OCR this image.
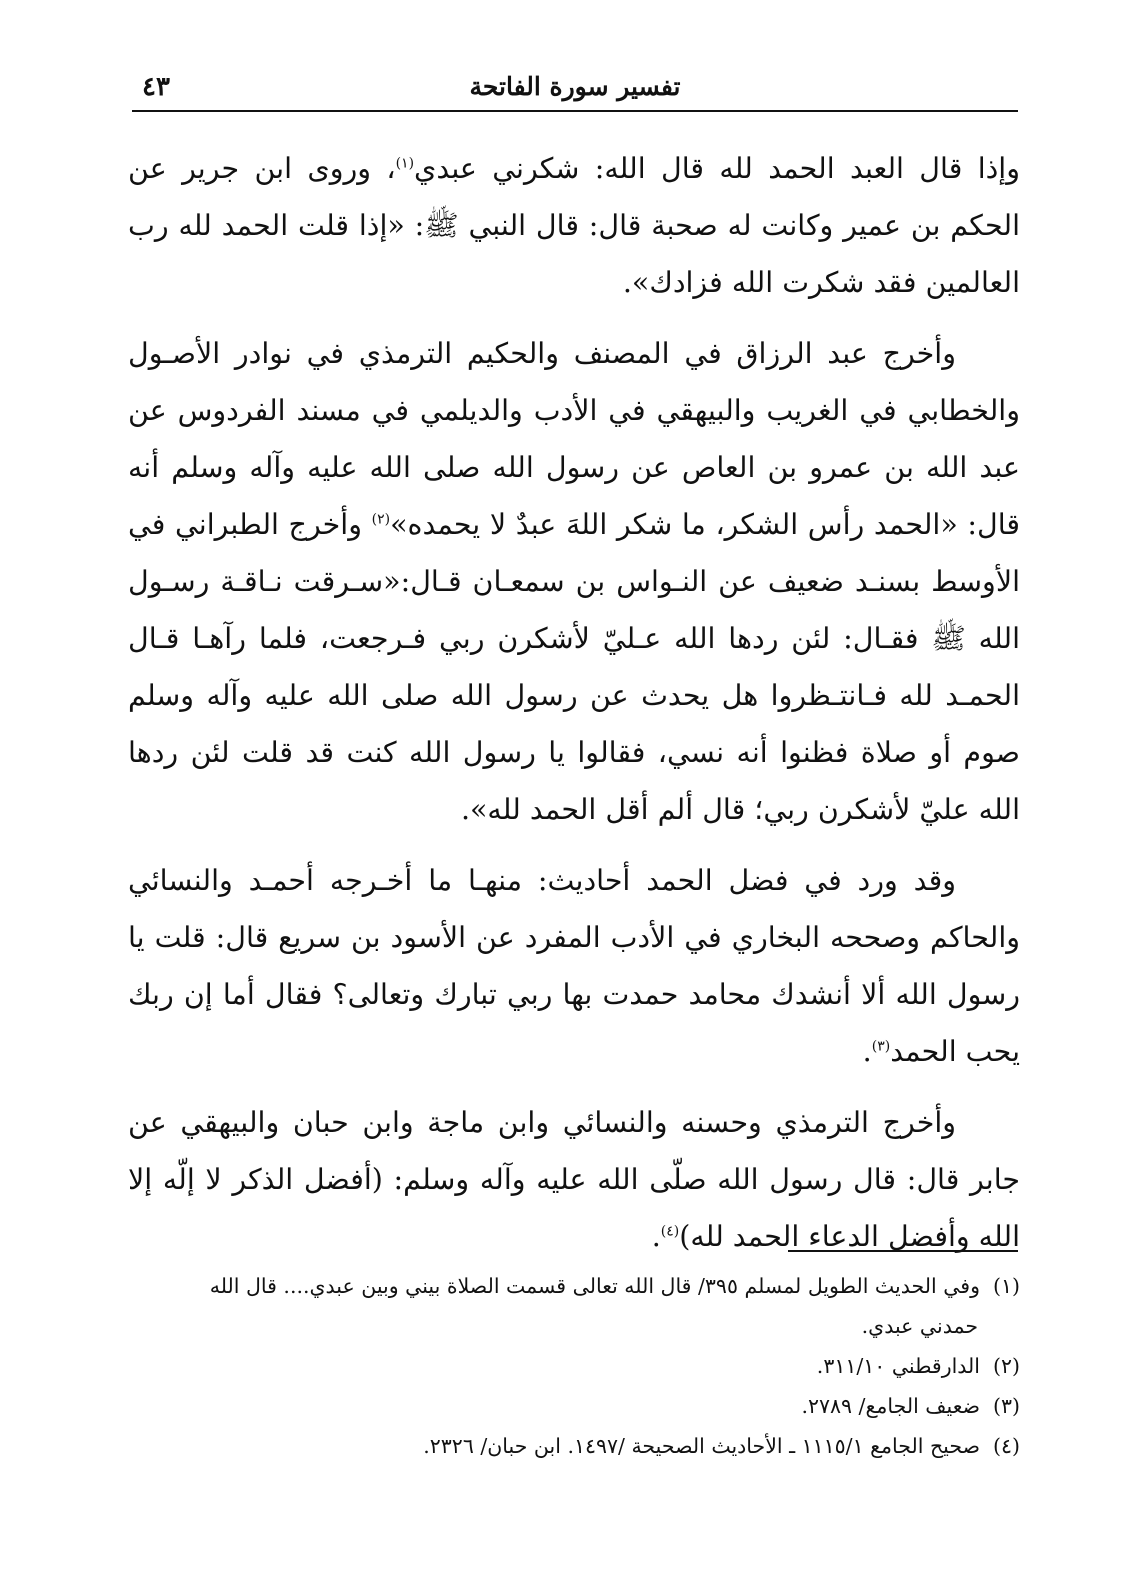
تفسير سورة الفاتحة
٤٣

وإذا قال العبد الحمد لله قال الله: شكرني عبدي$^{(١)}$، وروى ابن جرير عن الحكم بن عمير وكانت له صحبة قال: قال النبي ﷺ: «إذا قلت الحمد لله رب العالمين فقد شكرت الله فزادك».

وأخرج عبد الرزاق في المصنف والحكيم الترمذي في نوادر الأصـول والخطابي في الغريب والبيهقي في الأدب والديلمي في مسند الفردوس عن عبد الله بن عمرو بن العاص عن رسول الله صلى الله عليه وآله وسلم أنه قال: «الحمد رأس الشكر، ما شكر اللهَ عبدٌ لا يحمده»$^{(٢)}$ وأخرج الطبراني في الأوسط بسنـد ضعيف عن النـواس بن سمعـان قـال:«سـرقت نـاقـة رسـول الله ﷺ فقـال: لئن ردها الله عـليّ لأشكرن ربي فـرجعت، فلما رآهـا قـال الحمـد لله فـانتـظروا هل يحدث عن رسول الله صلى الله عليه وآله وسلم صوم أو صلاة فظنوا أنه نسي، فقالوا يا رسول الله كنت قد قلت لئن ردها الله عليّ لأشكرن ربي؛ قال ألم أقل الحمد لله».

وقد ورد في فضل الحمد أحاديث: منهـا ما أخـرجه أحمـد والنسائي والحاكم وصححه البخاري في الأدب المفرد عن الأسود بن سريع قال: قلت يا رسول الله ألا أنشدك محامد حمدت بها ربي تبارك وتعالى؟ فقال أما إن ربك يحب الحمد$^{(٣)}$.

وأخرج الترمذي وحسنه والنسائي وابن ماجة وابن حبان والبيهقي عن جابر قال: قال رسول الله صلّى الله عليه وآله وسلم: (أفضل الذكر لا إلّه إلا الله وأفضل الدعاء الحمد لله)$^{(٤)}$.

(١)وفي الحديث الطويل لمسلم ٣٩٥/ قال الله تعالى قسمت الصلاة بيني وبين عبدي.... قال الله

حمدني عبدي.

(٢)الدارقطني ٣١١/١٠.

(٣)ضعيف الجامع/ ٢٧٨٩.

(٤)صحيح الجامع ١١١٥/١ ـ الأحاديث الصحيحة /١٤٩٧. ابن حبان/ ٢٣٢٦.
